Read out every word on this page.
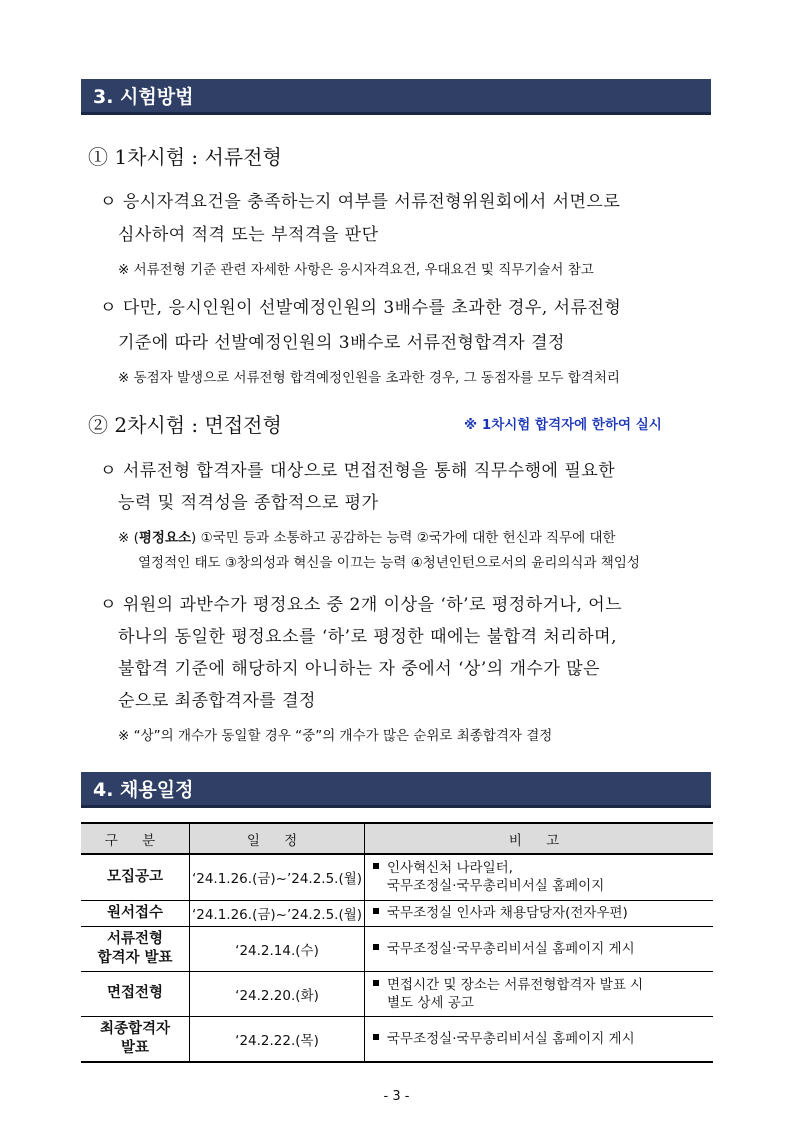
3. 시험방법
① 1차시험 : 서류전형
ㅇ 응시자격요건을 충족하는지 여부를 서류전형위원회에서 서면으로
심사하여 적격 또는 부적격을 판단
※ 서류전형 기준 관련 자세한 사항은 응시자격요건, 우대요건 및 직무기술서 참고
ㅇ 다만, 응시인원이 선발예정인원의 3배수를 초과한 경우, 서류전형
기준에 따라 선발예정인원의 3배수로 서류전형합격자 결정
※ 동점자 발생으로 서류전형 합격예정인원을 초과한 경우, 그 동점자를 모두 합격처리
② 2차시험 : 면접전형	※ 1차시험 합격자에 한하여 실시
ㅇ 서류전형 합격자를 대상으로 면접전형을 통해 직무수행에 필요한
능력 및 적격성을 종합적으로 평가
※ (평정요소) ①국민 등과 소통하고 공감하는 능력 ②국가에 대한 헌신과 직무에 대한
열정적인 태도 ③창의성과 혁신을 이끄는 능력 ④청년인턴으로서의 윤리의식과 책임성
ㅇ 위원의 과반수가 평정요소 중 2개 이상을 ‘하’로 평정하거나, 어느
하나의 동일한 평정요소를 ‘하’로 평정한 때에는 불합격 처리하며,
불합격 기준에 해당하지 아니하는 자 중에서 ‘상’의 개수가 많은
순으로 최종합격자를 결정
※ “상”의 개수가 동일할 경우 “중”의 개수가 많은 순위로 최종합격자 결정
4. 채용일정
구 분	일 정	비 고
모집공고	‘24.1.26.(금)~’24.2.5.(월)	인사혁신처 나라일터,
국무조정실·국무총리비서실 홈페이지
원서접수	‘24.1.26.(금)~’24.2.5.(월)	국무조정실 인사과 채용담당자(전자우편)
서류전형
합격자 발표	‘24.2.14.(수)	국무조정실·국무총리비서실 홈페이지 게시
면접전형	‘24.2.20.(화)	면접시간 및 장소는 서류전형합격자 발표 시
별도 상세 공고
최종합격자
발표	‘24.2.22.(목)	국무조정실·국무총리비서실 홈페이지 게시
- 3 -
